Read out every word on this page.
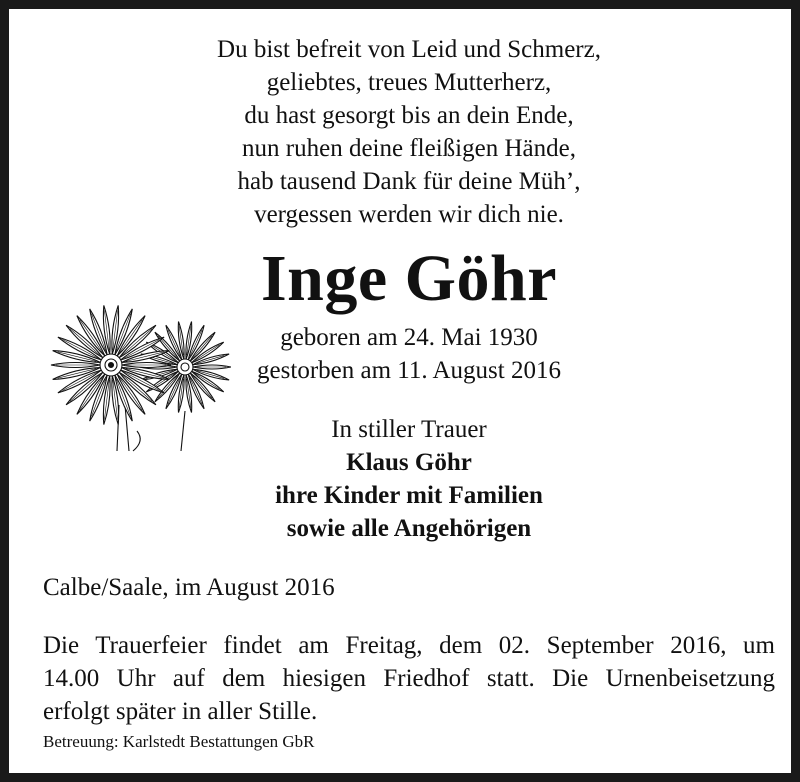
Du bist befreit von Leid und Schmerz,
geliebtes, treues Mutterherz,
du hast gesorgt bis an dein Ende,
nun ruhen deine fleißigen Hände,
hab tausend Dank für deine Müh’,
vergessen werden wir dich nie.
Inge Göhr
geboren am 24. Mai 1930
gestorben am 11. August 2016
In stiller Trauer
Klaus Göhr
ihre Kinder mit Familien
sowie alle Angehörigen
Calbe/Saale, im August 2016
Die Trauerfeier findet am Freitag, dem 02. September 2016, um
14.00 Uhr auf dem hiesigen Friedhof statt. Die Urnenbeisetzung
erfolgt später in aller Stille.
Betreuung: Karlstedt Bestattungen GbR
